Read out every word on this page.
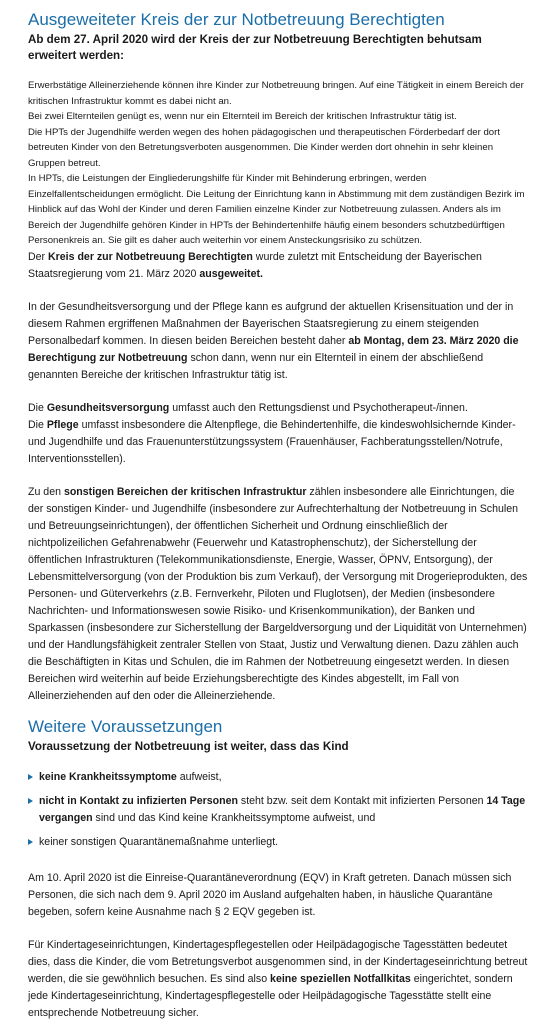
Ausgeweiteter Kreis der zur Notbetreuung Berechtigten

Ab dem 27. April 2020 wird der Kreis der zur Notbetreuung Berechtigten behutsam erweitert werden:

Erwerbstätige Alleinerziehende können ihre Kinder zur Notbetreuung bringen. Auf eine Tätigkeit in einem Bereich der kritischen Infrastruktur kommt es dabei nicht an.

Bei zwei Elternteilen genügt es, wenn nur ein Elternteil im Bereich der kritischen Infrastruktur tätig ist.

Die HPTs der Jugendhilfe werden wegen des hohen pädagogischen und therapeutischen Förderbedarf der dort betreuten Kinder von den Betretungsverboten ausgenommen. Die Kinder werden dort ohnehin in sehr kleinen Gruppen betreut.

In HPTs, die Leistungen der Eingliederungshilfe für Kinder mit Behinderung erbringen, werden Einzelfallentscheidungen ermöglicht. Die Leitung der Einrichtung kann in Abstimmung mit dem zuständigen Bezirk im Hinblick auf das Wohl der Kinder und deren Familien einzelne Kinder zur Notbetreuung zulassen. Anders als im Bereich der Jugendhilfe gehören Kinder in HPTs der Behindertenhilfe häufig einem besonders schutzbedürftigen Personenkreis an. Sie gilt es daher auch weiterhin vor einem Ansteckungsrisiko zu schützen.

Der Kreis der zur Notbetreuung Berechtigten wurde zuletzt mit Entscheidung der Bayerischen Staatsregierung vom 21. März 2020 ausgeweitet.

In der Gesundheitsversorgung und der Pflege kann es aufgrund der aktuellen Krisensituation und der in diesem Rahmen ergriffenen Maßnahmen der Bayerischen Staatsregierung zu einem steigenden Personalbedarf kommen. In diesen beiden Bereichen besteht daher ab Montag, dem 23. März 2020 die Berechtigung zur Notbetreuung schon dann, wenn nur ein Elternteil in einem der abschließend genannten Bereiche der kritischen Infrastruktur tätig ist.

Die Gesundheitsversorgung umfasst auch den Rettungsdienst und Psychotherapeut-/innen.
Die Pflege umfasst insbesondere die Altenpflege, die Behindertenhilfe, die kindeswohlsichernde Kinder- und Jugendhilfe und das Frauenunterstützungssystem (Frauenhäuser, Fachberatungsstellen/Notrufe, Interventionsstellen).

Zu den sonstigen Bereichen der kritischen Infrastruktur zählen insbesondere alle Einrichtungen, die der sonstigen Kinder- und Jugendhilfe (insbesondere zur Aufrechterhaltung der Notbetreuung in Schulen und Betreuungseinrichtungen), der öffentlichen Sicherheit und Ordnung einschließlich der nichtpolizeilichen Gefahrenabwehr (Feuerwehr und Katastrophenschutz), der Sicherstellung der öffentlichen Infrastrukturen (Telekommunikationsdienste, Energie, Wasser, ÖPNV, Entsorgung), der Lebensmittelversorgung (von der Produktion bis zum Verkauf), der Versorgung mit Drogerieprodukten, des Personen- und Güterverkehrs (z.B. Fernverkehr, Piloten und Fluglotsen), der Medien (insbesondere Nachrichten- und Informationswesen sowie Risiko- und Krisenkommunikation), der Banken und Sparkassen (insbesondere zur Sicherstellung der Bargeldversorgung und der Liquidität von Unternehmen) und der Handlungsfähigkeit zentraler Stellen von Staat, Justiz und Verwaltung dienen. Dazu zählen auch die Beschäftigten in Kitas und Schulen, die im Rahmen der Notbetreuung eingesetzt werden. In diesen Bereichen wird weiterhin auf beide Erziehungsberechtigte des Kindes abgestellt, im Fall von Alleinerziehenden auf den oder die Alleinerziehende.

Weitere Voraussetzungen

Voraussetzung der Notbetreuung ist weiter, dass das Kind

keine Krankheitssymptome aufweist,
nicht in Kontakt zu infizierten Personen steht bzw. seit dem Kontakt mit infizierten Personen 14 Tage vergangen sind und das Kind keine Krankheitssymptome aufweist, und
keiner sonstigen Quarantänemaßnahme unterliegt.

Am 10. April 2020 ist die Einreise-Quarantäneverordnung (EQV) in Kraft getreten. Danach müssen sich Personen, die sich nach dem 9. April 2020 im Ausland aufgehalten haben, in häusliche Quarantäne begeben, sofern keine Ausnahme nach § 2 EQV gegeben ist.

Für Kindertageseinrichtungen, Kindertagespflegestellen oder Heilpädagogische Tagesstätten bedeutet dies, dass die Kinder, die vom Betretungsverbot ausgenommen sind, in der Kindertageseinrichtung betreut werden, die sie gewöhnlich besuchen. Es sind also keine speziellen Notfallkitas eingerichtet, sondern jede Kindertageseinrichtung, Kindertagespflegestelle oder Heilpädagogische Tagesstätte stellt eine entsprechende Notbetreuung sicher.
